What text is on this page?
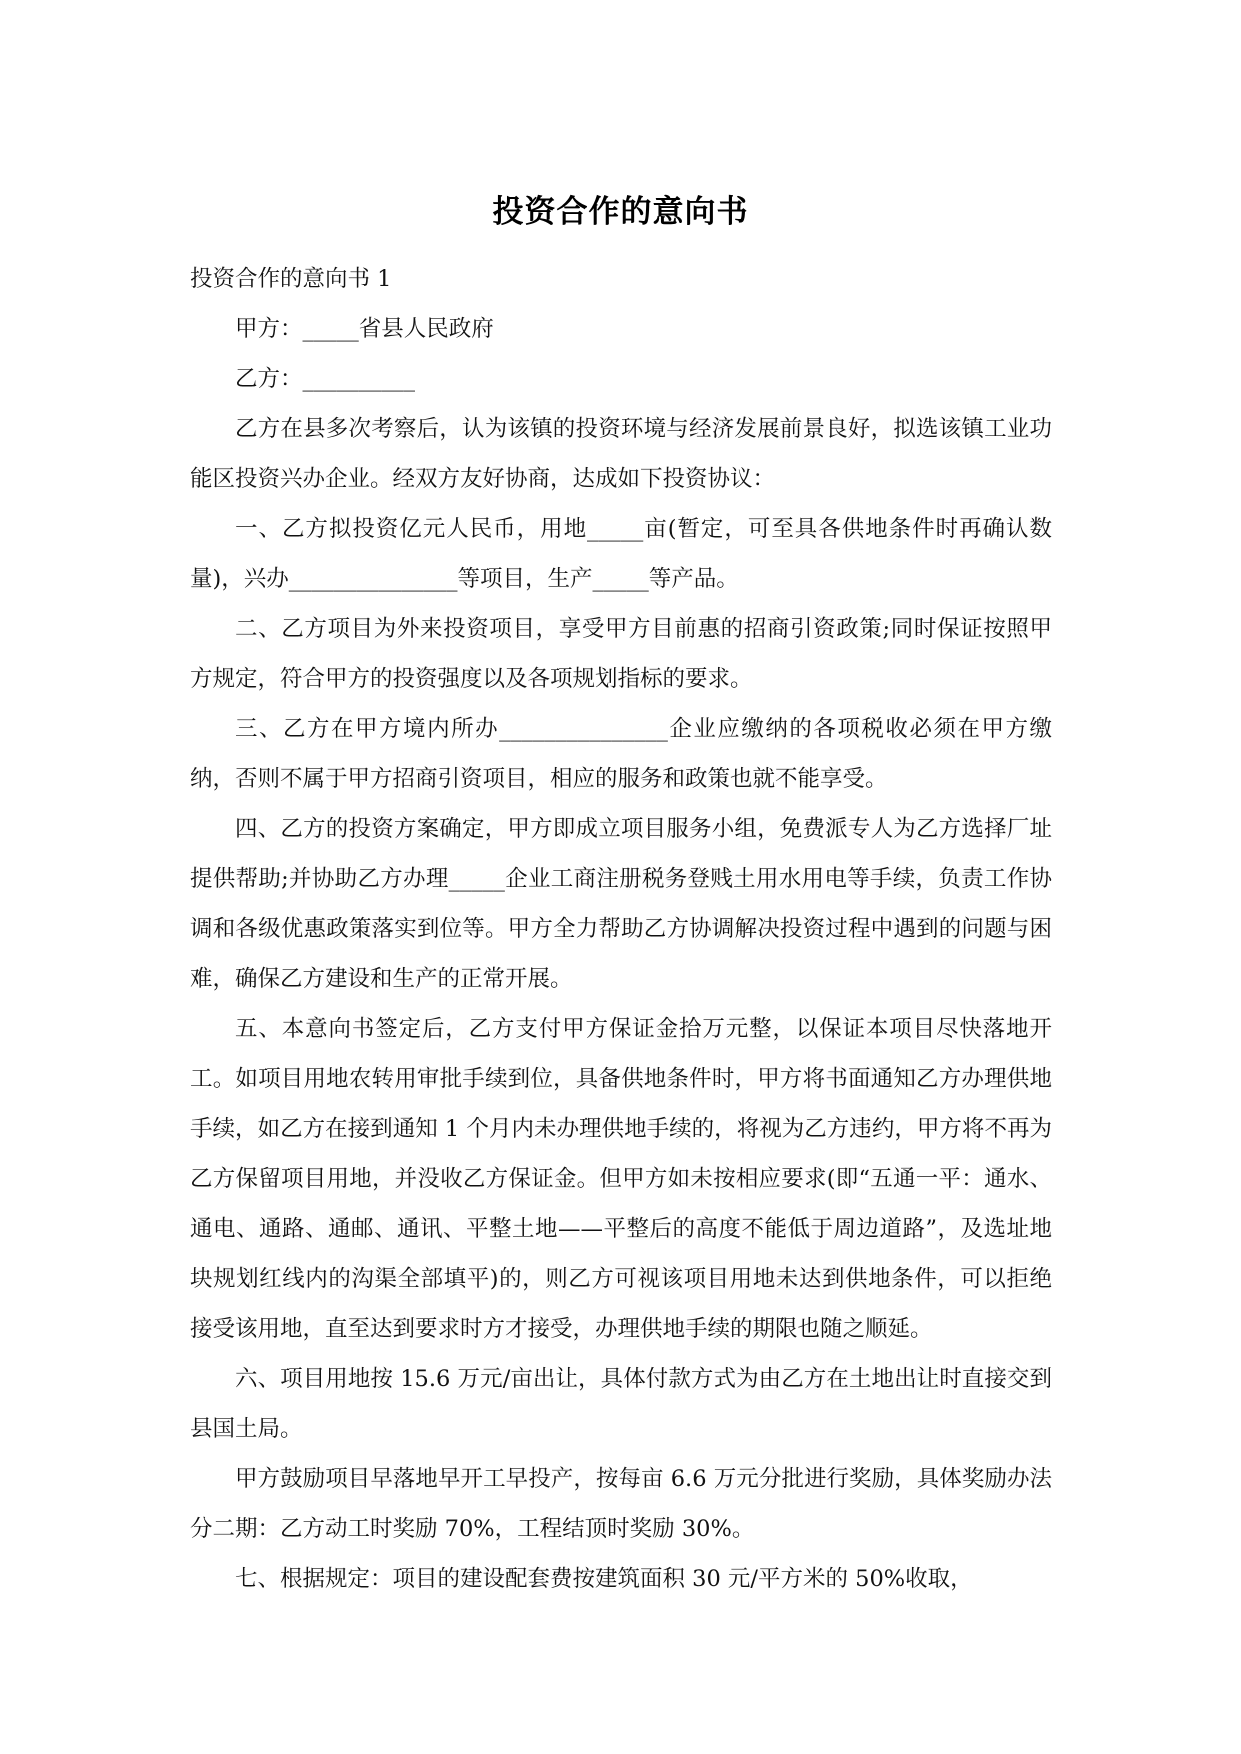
投资合作的意向书

投资合作的意向书 1

甲方：_____省县人民政府

乙方：__________

乙方在县多次考察后，认为该镇的投资环境与经济发展前景良好，拟选该镇工业功能区投资兴办企业。经双方友好协商，达成如下投资协议：

一、乙方拟投资亿元人民币，用地_____亩(暂定，可至具各供地条件时再确认数量)，兴办_______________等项目，生产_____等产品。

二、乙方项目为外来投资项目，享受甲方目前惠的招商引资政策;同时保证按照甲方规定，符合甲方的投资强度以及各项规划指标的要求。

三、乙方在甲方境内所办_______________企业应缴纳的各项税收必须在甲方缴纳，否则不属于甲方招商引资项目，相应的服务和政策也就不能享受。

四、乙方的投资方案确定，甲方即成立项目服务小组，免费派专人为乙方选择厂址提供帮助;并协助乙方办理_____企业工商注册税务登贱土用水用电等手续，负责工作协调和各级优惠政策落实到位等。甲方全力帮助乙方协调解决投资过程中遇到的问题与困难，确保乙方建设和生产的正常开展。

五、本意向书签定后，乙方支付甲方保证金拾万元整，以保证本项目尽快落地开工。如项目用地农转用审批手续到位，具备供地条件时，甲方将书面通知乙方办理供地手续，如乙方在接到通知 1 个月内未办理供地手续的，将视为乙方违约，甲方将不再为乙方保留项目用地，并没收乙方保证金。但甲方如未按相应要求(即“五通一平：通水、通电、通路、通邮、通讯、平整土地——平整后的高度不能低于周边道路”，及选址地块规划红线内的沟渠全部填平)的，则乙方可视该项目用地未达到供地条件，可以拒绝接受该用地，直至达到要求时方才接受，办理供地手续的期限也随之顺延。

六、项目用地按 15.6 万元/亩出让，具体付款方式为由乙方在土地出让时直接交到县国土局。

甲方鼓励项目早落地早开工早投产，按每亩 6.6 万元分批进行奖励，具体奖励办法分二期：乙方动工时奖励 70%，工程结顶时奖励 30%。

七、根据规定：项目的建设配套费按建筑面积 30 元/平方米的 50%收取，
